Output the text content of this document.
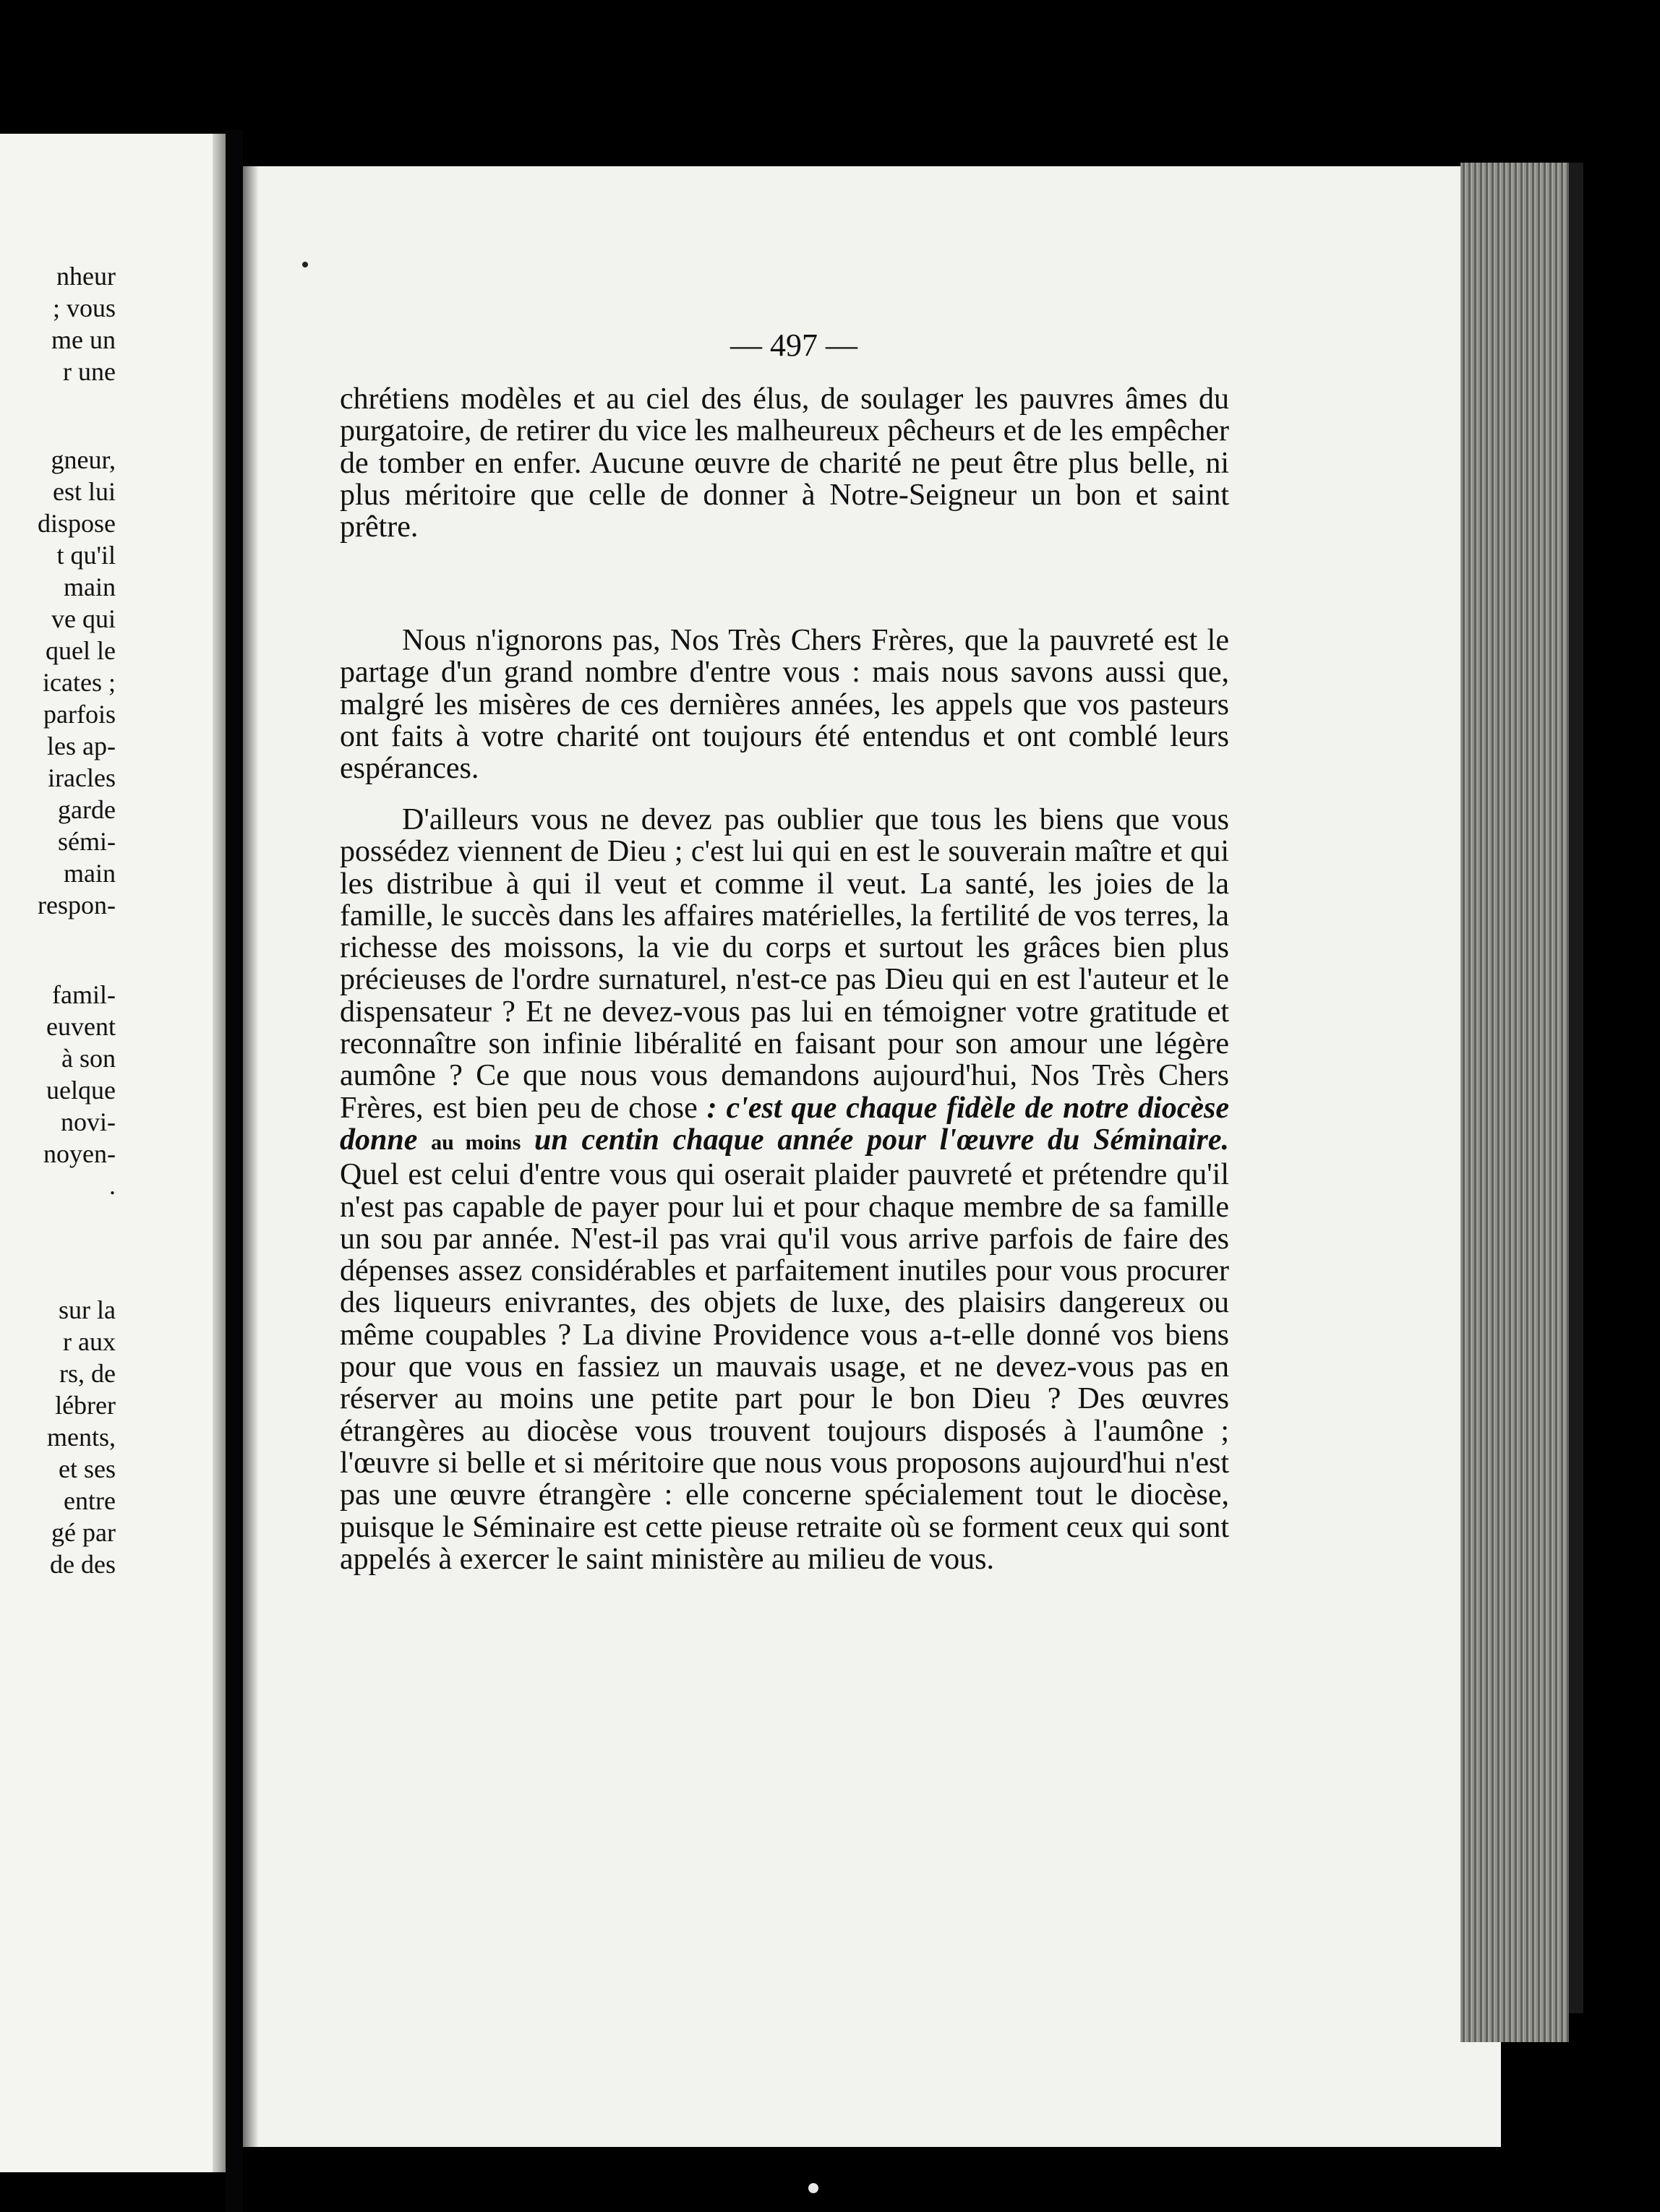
nheur
; vous
me un
r une
gneur,
est lui
dispose
t qu'il
main
ve qui
quel le
icates ;
parfois
les ap-
iracles
garde
sémi-
main
respon-
famil-
euvent
à son
uelque
novi-
noyen-
.
sur la
r aux
rs, de
lébrer
ments,
et ses
entre
gé par
de des
— 497 —

chrétiens modèles et au ciel des élus, de soulager les pauvres âmes du purgatoire, de retirer du vice les malheureux pêcheurs et de les empêcher de tomber en enfer. Aucune œuvre de charité ne peut être plus belle, ni plus méritoire que celle de donner à Notre-Seigneur un bon et saint prêtre.

Nous n'ignorons pas, Nos Très Chers Frères, que la pauvreté est le partage d'un grand nombre d'entre vous : mais nous savons aussi que, malgré les misères de ces dernières années, les appels que vos pasteurs ont faits à votre charité ont toujours été entendus et ont comblé leurs espérances.

D'ailleurs vous ne devez pas oublier que tous les biens que vous possédez viennent de Dieu ; c'est lui qui en est le souverain maître et qui les distribue à qui il veut et comme il veut. La santé, les joies de la famille, le succès dans les affaires matérielles, la fertilité de vos terres, la richesse des moissons, la vie du corps et surtout les grâces bien plus précieuses de l'ordre surnaturel, n'est-ce pas Dieu qui en est l'auteur et le dispensateur ? Et ne devez-vous pas lui en témoigner votre gratitude et reconnaître son infinie libéralité en faisant pour son amour une légère aumône ? Ce que nous vous demandons aujourd'hui, Nos Très Chers Frères, est bien peu de chose : c'est que chaque fidèle de notre diocèse donne au moins un centin chaque année pour l'œuvre du Séminaire. Quel est celui d'entre vous qui oserait plaider pauvreté et prétendre qu'il n'est pas capable de payer pour lui et pour chaque membre de sa famille un sou par année. N'est-il pas vrai qu'il vous arrive parfois de faire des dépenses assez considérables et parfaitement inutiles pour vous procurer des liqueurs enivrantes, des objets de luxe, des plaisirs dangereux ou même coupables ? La divine Providence vous a-t-elle donné vos biens pour que vous en fassiez un mauvais usage, et ne devez-vous pas en réserver au moins une petite part pour le bon Dieu ? Des œuvres étrangères au diocèse vous trouvent toujours disposés à l'aumône ; l'œuvre si belle et si méritoire que nous vous proposons aujourd'hui n'est pas une œuvre étrangère : elle concerne spécialement tout le diocèse, puisque le Séminaire est cette pieuse retraite où se forment ceux qui sont appelés à exercer le saint ministère au milieu de vous.
